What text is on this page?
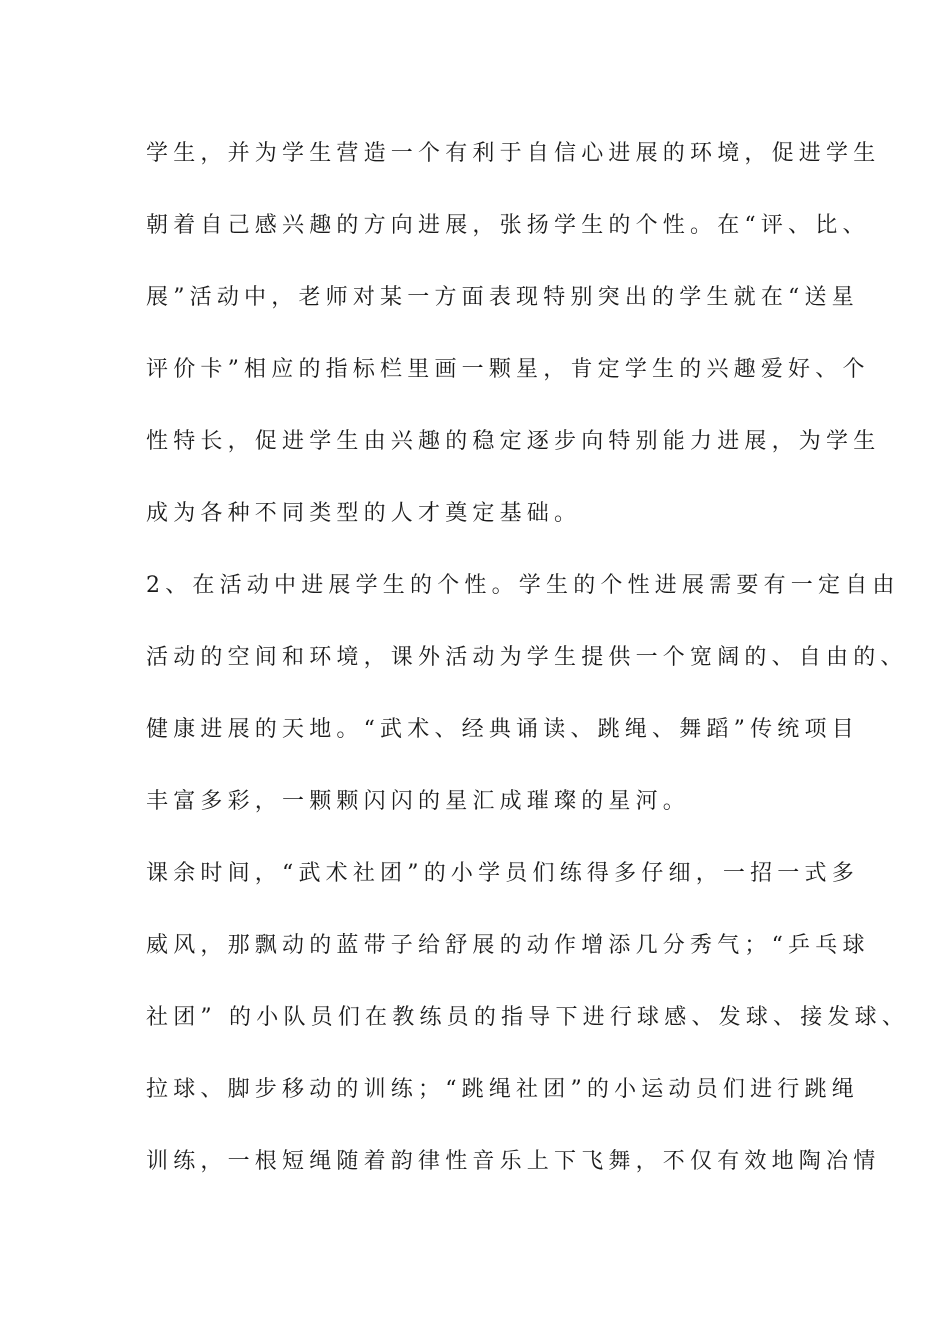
学生，并为学生营造一个有利于自信心进展的环境，促进学生
朝着自己感兴趣的方向进展，张扬学生的个性。在“评、比、
展”活动中，老师对某一方面表现特别突出的学生就在“送星
评价卡”相应的指标栏里画一颗星，肯定学生的兴趣爱好、个
性特长，促进学生由兴趣的稳定逐步向特别能力进展，为学生
成为各种不同类型的人才奠定基础。
2、在活动中进展学生的个性。学生的个性进展需要有一定自由
活动的空间和环境，课外活动为学生提供一个宽阔的、自由的、
健康进展的天地。“武术、经典诵读、跳绳、舞蹈”传统项目
丰富多彩，一颗颗闪闪的星汇成璀璨的星河。
课余时间，“武术社团”的小学员们练得多仔细，一招一式多
威风，那飘动的蓝带子给舒展的动作增添几分秀气；“乒乓球
社团” 的小队员们在教练员的指导下进行球感、发球、接发球、
拉球、脚步移动的训练；“跳绳社团”的小运动员们进行跳绳
训练，一根短绳随着韵律性音乐上下飞舞，不仅有效地陶冶情
